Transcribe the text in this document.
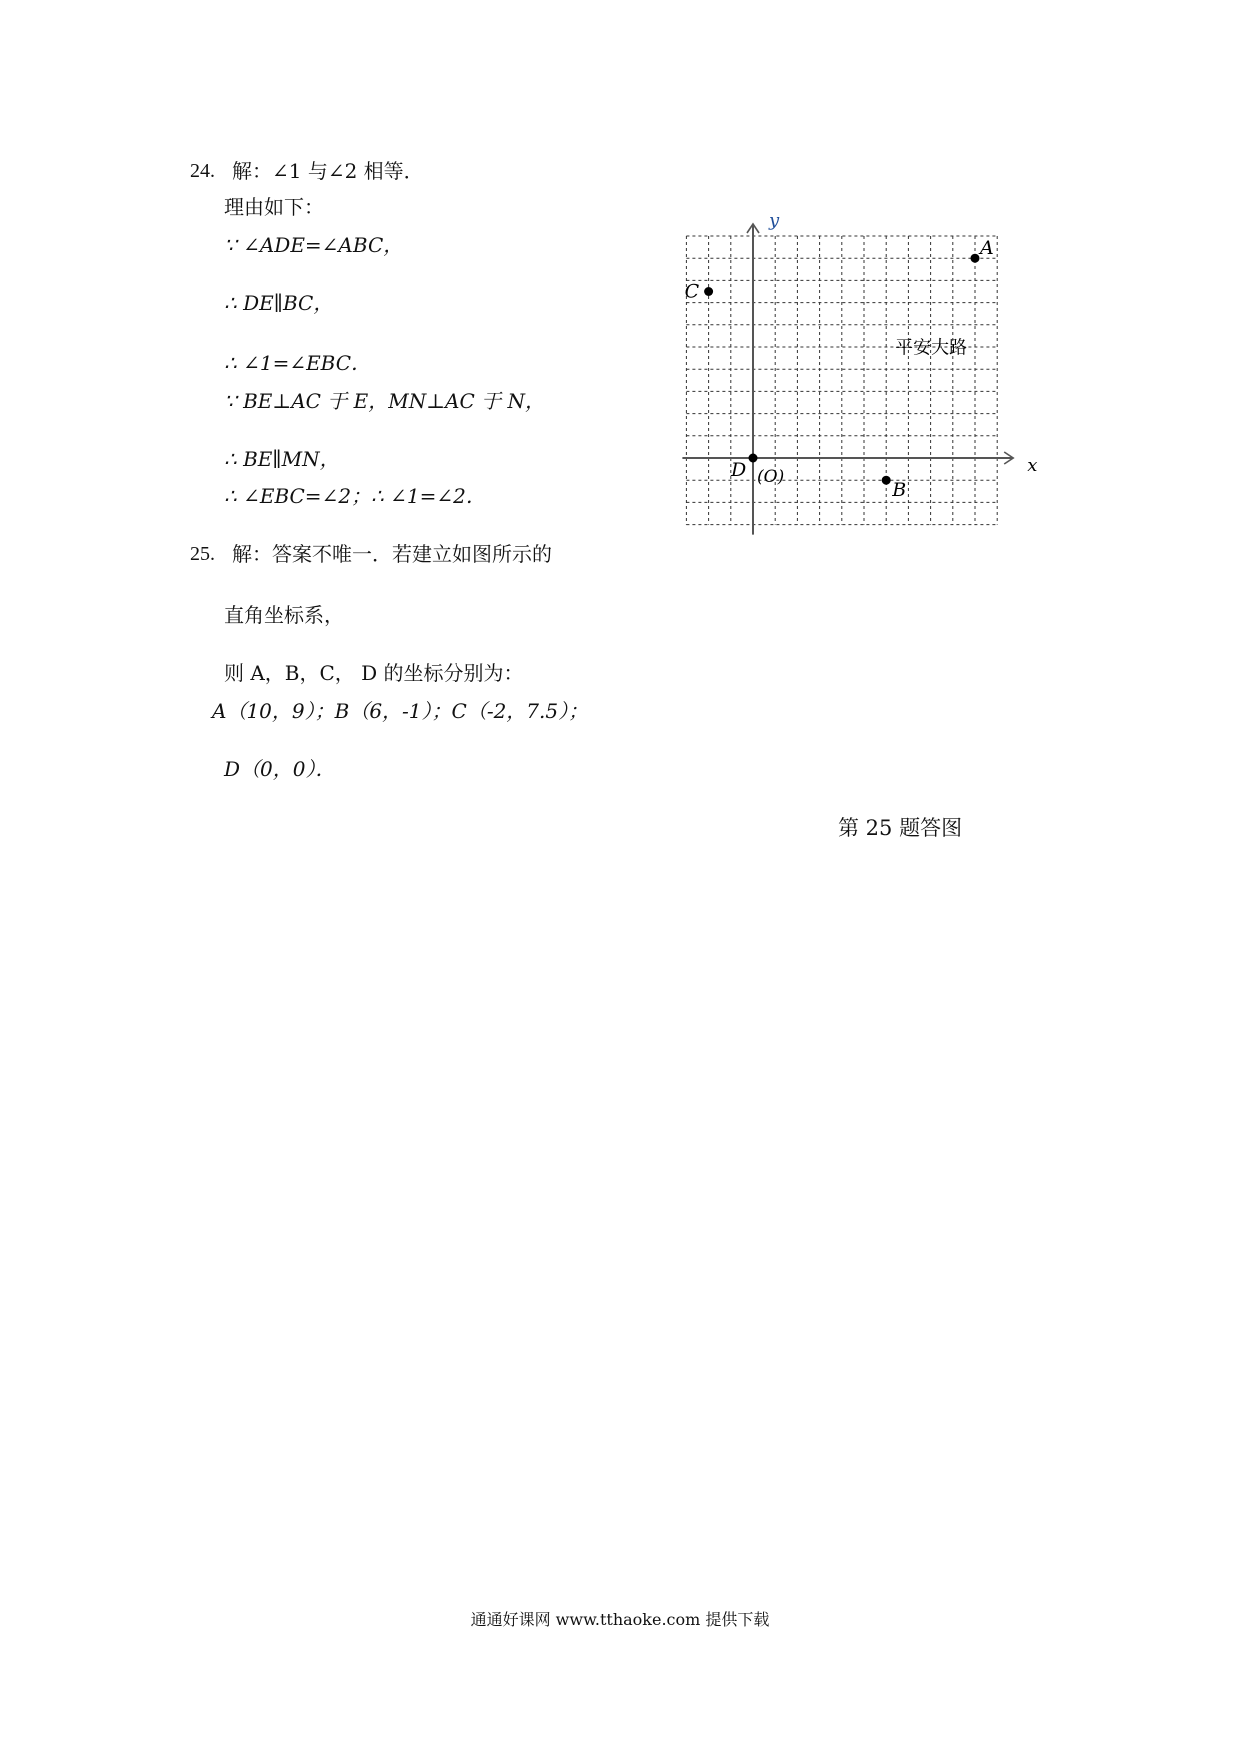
24. 解：∠1 与∠2 相等．
理由如下：
∵ ∠ADE=∠ABC，
∴ DE∥BC，
∴ ∠1=∠EBC．
∵ BE⊥AC 于 E，MN⊥AC 于 N，
∴ BE∥MN，
∴ ∠EBC=∠2；∴ ∠1=∠2．
25. 解：答案不唯一．若建立如图所示的
直角坐标系，
则 A，B，C， D 的坐标分别为：
A（10，9）；B（6，-1）；C（-2，7.5）；
D（0，0）．
x
y
平安大路
(O)
A
B
C
D
第 25 题答图
通通好课网 www.tthaoke.com 提供下载
